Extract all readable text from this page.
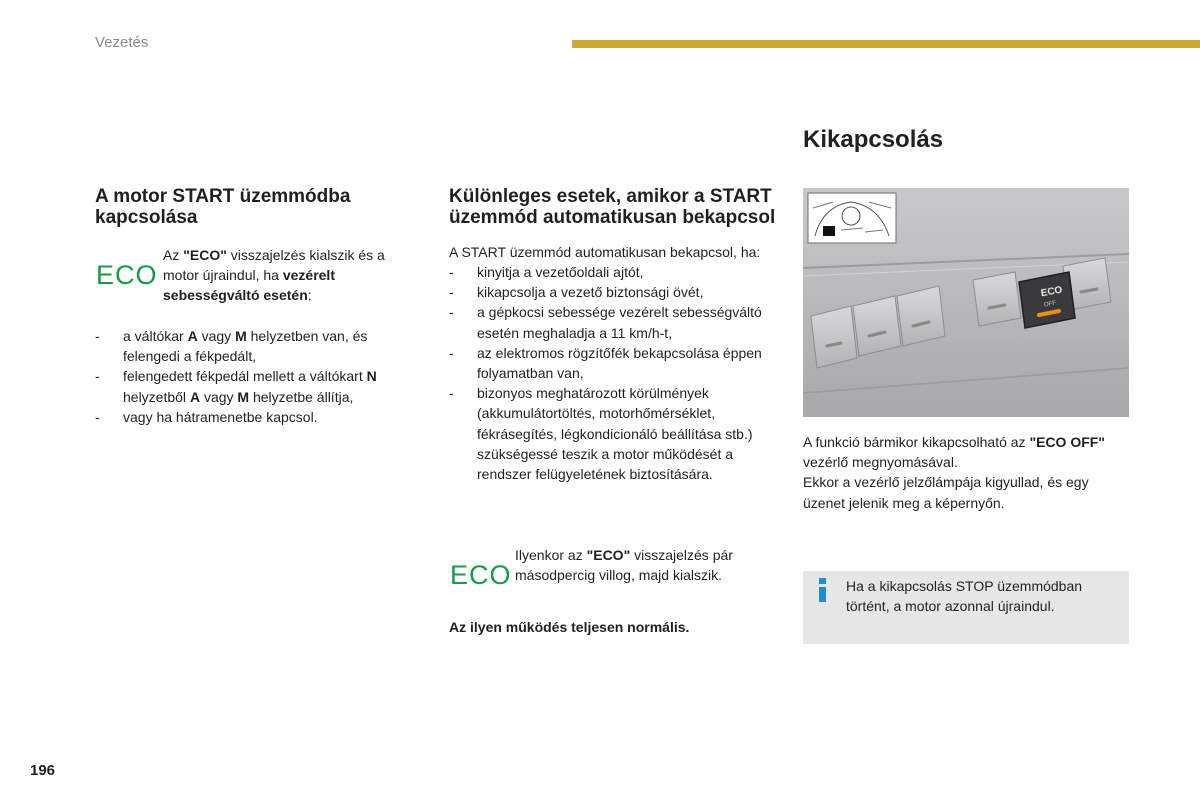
Vezetés
A motor START üzemmódba kapcsolása
ECO
Az "ECO" visszajelzés kialszik és a motor újraindul, ha vezérelt sebességváltó esetén:
- a váltókar A vagy M helyzetben van, és felengedi a fékpedált,
- felengedett fékpedál mellett a váltókart N helyzetből A vagy M helyzetbe állítja,
- vagy ha hátramenetbe kapcsol.
Különleges esetek, amikor a START üzemmód automatikusan bekapcsol
A START üzemmód automatikusan bekapcsol, ha:
- kinyitja a vezetőoldali ajtót,
- kikapcsolja a vezető biztonsági övét,
- a gépkocsi sebessége vezérelt sebességváltó esetén meghaladja a 11 km/h-t,
- az elektromos rögzítőfék bekapcsolása éppen folyamatban van,
- bizonyos meghatározott körülmények (akkumulátortöltés, motorhőmérséklet, fékrásegítés, légkondicionáló beállítása stb.) szükségessé teszik a motor működését a rendszer felügyeletének biztosítására.
ECO
Ilyenkor az "ECO" visszajelzés pár másodpercig villog, majd kialszik.
Az ilyen működés teljesen normális.
Kikapcsolás
ECO
OFF
A funkció bármikor kikapcsolható az "ECO OFF" vezérlő megnyomásával.
Ekkor a vezérlő jelzőlámpája kigyullad, és egy üzenet jelenik meg a képernyőn.
Ha a kikapcsolás STOP üzemmódban történt, a motor azonnal újraindul.
196
